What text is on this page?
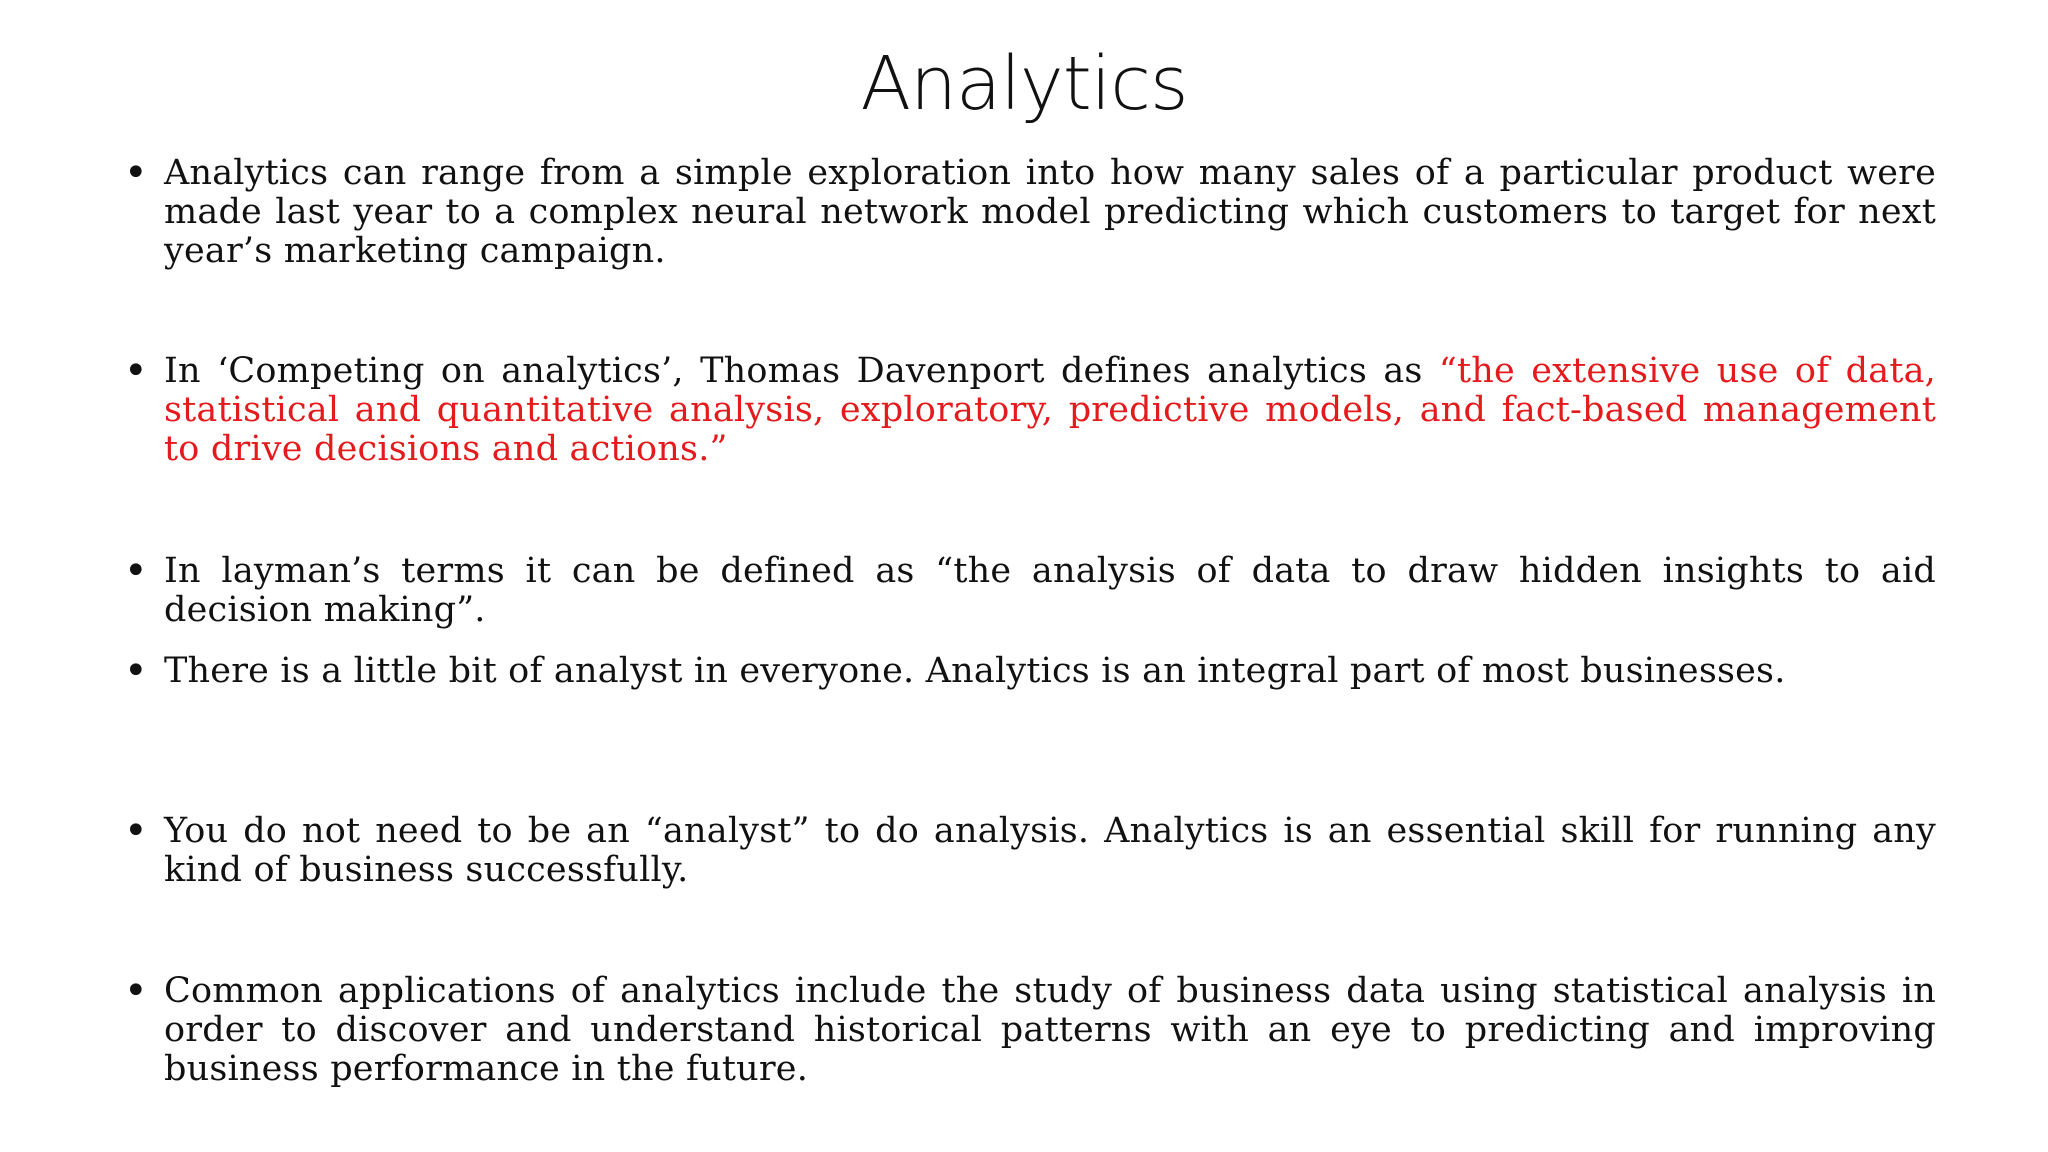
Analytics
• Analytics can range from a simple exploration into how many sales of a particular product were made last year to a complex neural network model predicting which customers to target for next year’s marketing campaign.

• In ‘Competing on analytics’, Thomas Davenport defines analytics as “the extensive use of data, statistical and quantitative analysis, exploratory, predictive models, and fact-based management to drive decisions and actions.”

• In layman’s terms it can be defined as “the analysis of data to draw hidden insights to aid decision making”.

• There is a little bit of analyst in everyone. Analytics is an integral part of most businesses.

• You do not need to be an “analyst” to do analysis. Analytics is an essential skill for running any kind of business successfully.

• Common applications of analytics include the study of business data using statistical analysis in order to discover and understand historical patterns with an eye to predicting and improving business performance in the future.
